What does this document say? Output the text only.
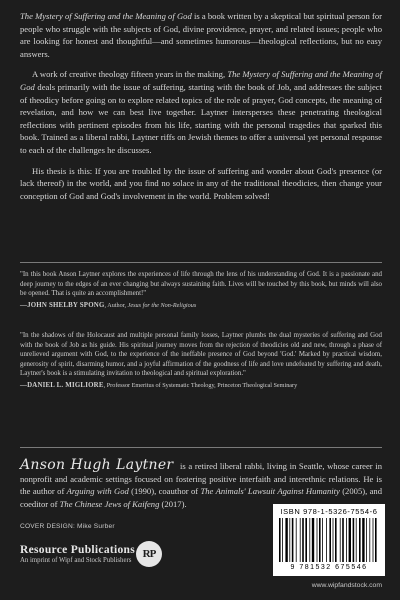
The Mystery of Suffering and the Meaning of God is a book written by a skeptical but spiritual person for people who struggle with the subjects of God, divine providence, prayer, and related issues; people who are looking for honest and thoughtful—and sometimes humorous—theological reflections, but no easy answers.

A work of creative theology fifteen years in the making, The Mystery of Suffering and the Meaning of God deals primarily with the issue of suffering, starting with the book of Job, and addresses the subject of theodicy before going on to explore related topics of the role of prayer, God concepts, the meaning of revelation, and how we can best live together. Laytner intersperses these penetrating theological reflections with pertinent episodes from his life, starting with the personal tragedies that sparked this book. Trained as a liberal rabbi, Laytner riffs on Jewish themes to offer a universal yet personal response to each of the challenges he discusses.

His thesis is this: If you are troubled by the issue of suffering and wonder about God's presence (or lack thereof) in the world, and you find no solace in any of the traditional theodicies, then change your conception of God and God's involvement in the world. Problem solved!

"In this book Anson Laytner explores the experiences of life through the lens of his understanding of God. It is a passionate and deep journey to the edges of an ever changing but always sustaining faith. Lives will be touched by this book, but minds will also be opened. That is quite an accomplishment!"

—JOHN SHELBY SPONG, Author, Jesus for the Non-Religious

"In the shadows of the Holocaust and multiple personal family losses, Laytner plumbs the dual mysteries of suffering and God with the book of Job as his guide. His spiritual journey moves from the rejection of theodicies old and new, through a phase of unrelieved argument with God, to the experience of the ineffable presence of God beyond 'God.' Marked by practical wisdom, generosity of spirit, disarming humor, and a joyful affirmation of the goodness of life and love undefeated by suffering and death, Laytner's book is a stimulating invitation to theological and spiritual exploration."

—DANIEL L. MIGLIORE, Professor Emeritus of Systematic Theology, Princeton Theological Seminary

Anson Hugh Laytner is a retired liberal rabbi, living in Seattle, whose career in nonprofit and academic settings focused on fostering positive interfaith and interethnic relations. He is the author of Arguing with God (1990), coauthor of The Animals' Lawsuit Against Humanity (2005), and coeditor of The Chinese Jews of Kaifeng (2017).
COVER DESIGN: Mike Surber
Resource Publications
An imprint of Wipf and Stock Publishers
RP
ISBN 978-1-5326-7554-6
9 781532 675546
www.wipfandstock.com
